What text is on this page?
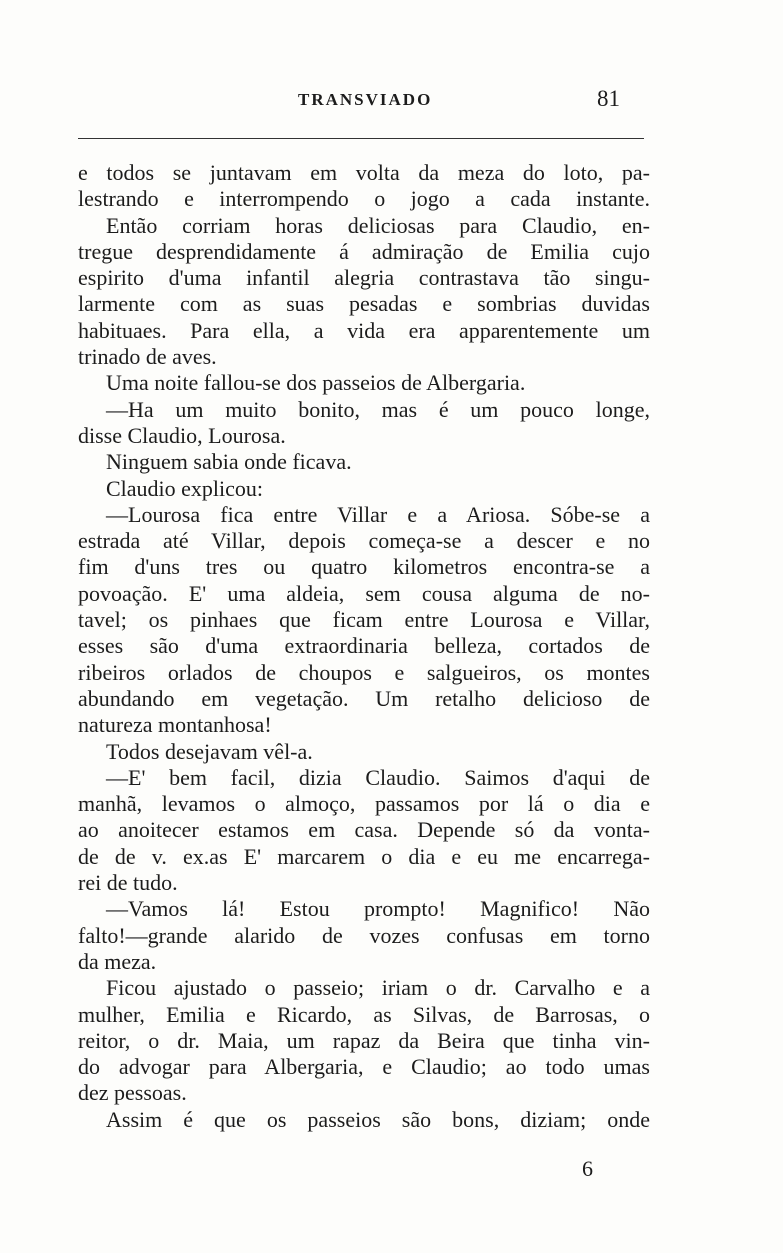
TRANSVIADO	81
e todos se juntavam em volta da meza do loto, pa-
lestrando e interrompendo o jogo a cada instante.
Então corriam horas deliciosas para Claudio, en-
tregue desprendidamente á admiração de Emilia cujo
espirito d'uma infantil alegria contrastava tão singu-
larmente com as suas pesadas e sombrias duvidas
habituaes. Para ella, a vida era apparentemente um
trinado de aves.
Uma noite fallou-se dos passeios de Albergaria.
—Ha um muito bonito, mas é um pouco longe,
disse Claudio, Lourosa.
Ninguem sabia onde ficava.
Claudio explicou:
—Lourosa fica entre Villar e a Ariosa. Sóbe-se a
estrada até Villar, depois começa-se a descer e no
fim d'uns tres ou quatro kilometros encontra-se a
povoação. E' uma aldeia, sem cousa alguma de no-
tavel; os pinhaes que ficam entre Lourosa e Villar,
esses são d'uma extraordinaria belleza, cortados de
ribeiros orlados de choupos e salgueiros, os montes
abundando em vegetação. Um retalho delicioso de
natureza montanhosa!
Todos desejavam vêl-a.
—E' bem facil, dizia Claudio. Saimos d'aqui de
manhã, levamos o almoço, passamos por lá o dia e
ao anoitecer estamos em casa. Depende só da vonta-
de de v. ex.as E' marcarem o dia e eu me encarrega-
rei de tudo.
—Vamos lá! Estou prompto! Magnifico! Não
falto!—grande alarido de vozes confusas em torno
da meza.
Ficou ajustado o passeio; iriam o dr. Carvalho e a
mulher, Emilia e Ricardo, as Silvas, de Barrosas, o
reitor, o dr. Maia, um rapaz da Beira que tinha vin-
do advogar para Albergaria, e Claudio; ao todo umas
dez pessoas.
Assim é que os passeios são bons, diziam; onde
6
